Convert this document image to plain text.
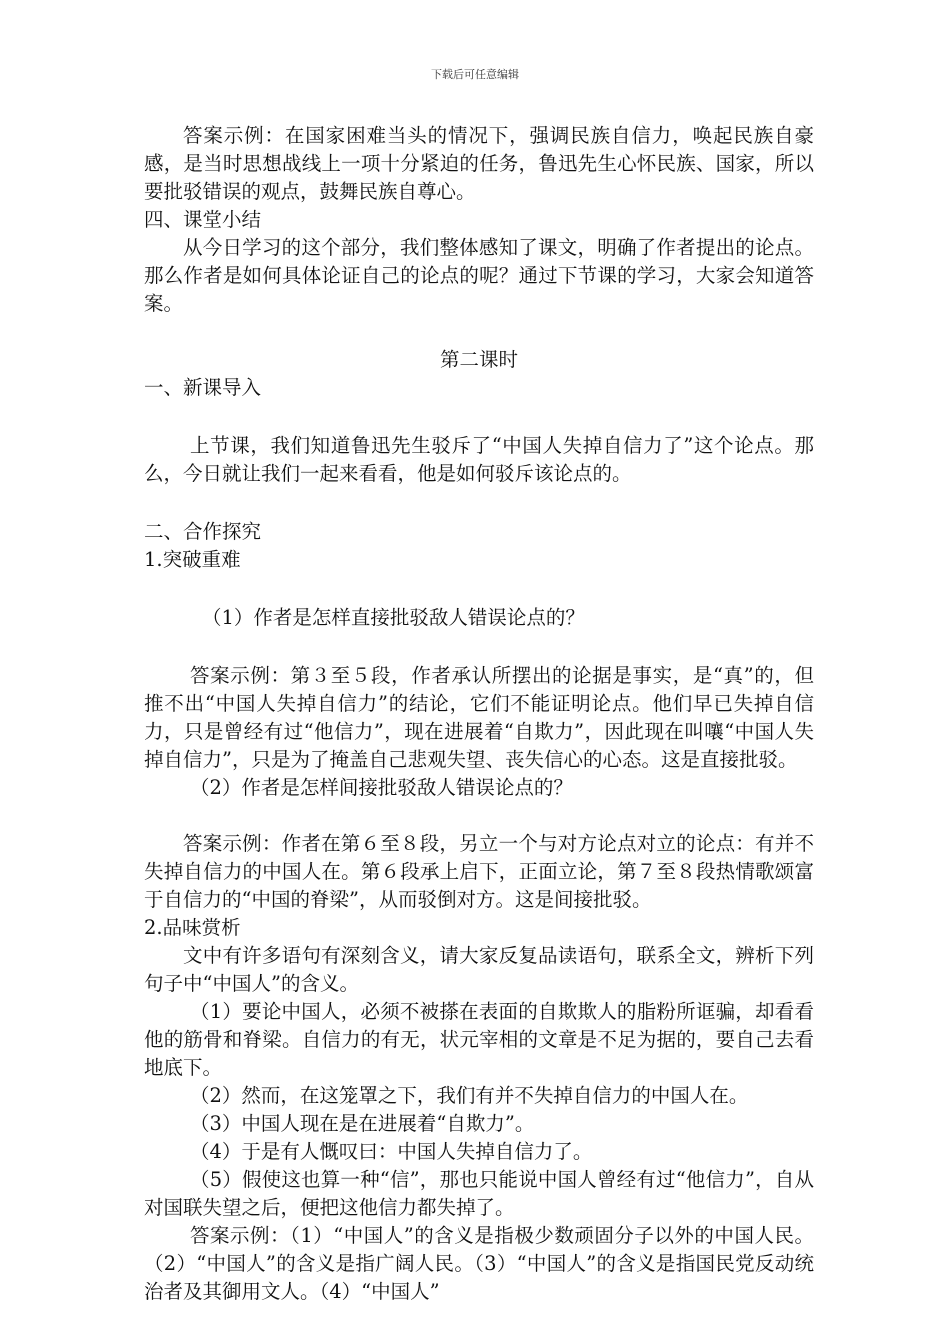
下载后可任意编辑

答案示例：在国家困难当头的情况下，强调民族自信力，唤起民族自豪感，是当时思想战线上一项十分紧迫的任务，鲁迅先生心怀民族、国家，所以要批驳错误的观点，鼓舞民族自尊心。

四、课堂小结

从今日学习的这个部分，我们整体感知了课文，明确了作者提出的论点。那么作者是如何具体论证自己的论点的呢？通过下节课的学习，大家会知道答案。

第二课时

一、新课导入

上节课，我们知道鲁迅先生驳斥了“中国人失掉自信力了”这个论点。那么，今日就让我们一起来看看，他是如何驳斥该论点的。

二、合作探究

1.突破重难

（1）作者是怎样直接批驳敌人错误论点的？

答案示例：第３至５段，作者承认所摆出的论据是事实，是“真”的，但推不出“中国人失掉自信力”的结论，它们不能证明论点。他们早已失掉自信力，只是曾经有过“他信力”，现在进展着“自欺力”，因此现在叫嚷“中国人失掉自信力”，只是为了掩盖自己悲观失望、丧失信心的心态。这是直接批驳。

（2）作者是怎样间接批驳敌人错误论点的？

答案示例：作者在第６至８段，另立一个与对方论点对立的论点：有并不失掉自信力的中国人在。第６段承上启下，正面立论，第７至８段热情歌颂富于自信力的“中国的脊梁”，从而驳倒对方。这是间接批驳。

2.品味赏析

文中有许多语句有深刻含义，请大家反复品读语句，联系全文，辨析下列句子中“中国人”的含义。

（1）要论中国人，必须不被搽在表面的自欺欺人的脂粉所诓骗，却看看他的筋骨和脊梁。自信力的有无，状元宰相的文章是不足为据的，要自己去看地底下。

（2）然而，在这笼罩之下，我们有并不失掉自信力的中国人在。

（3）中国人现在是在进展着“自欺力”。

（4）于是有人慨叹曰：中国人失掉自信力了。

（5）假使这也算一种“信”，那也只能说中国人曾经有过“他信力”，自从对国联失望之后，便把这他信力都失掉了。

答案示例：（1）“中国人”的含义是指极少数顽固分子以外的中国人民。（2）“中国人”的含义是指广阔人民。（3）“中国人”的含义是指国民党反动统治者及其御用文人。（4）“中国人”
